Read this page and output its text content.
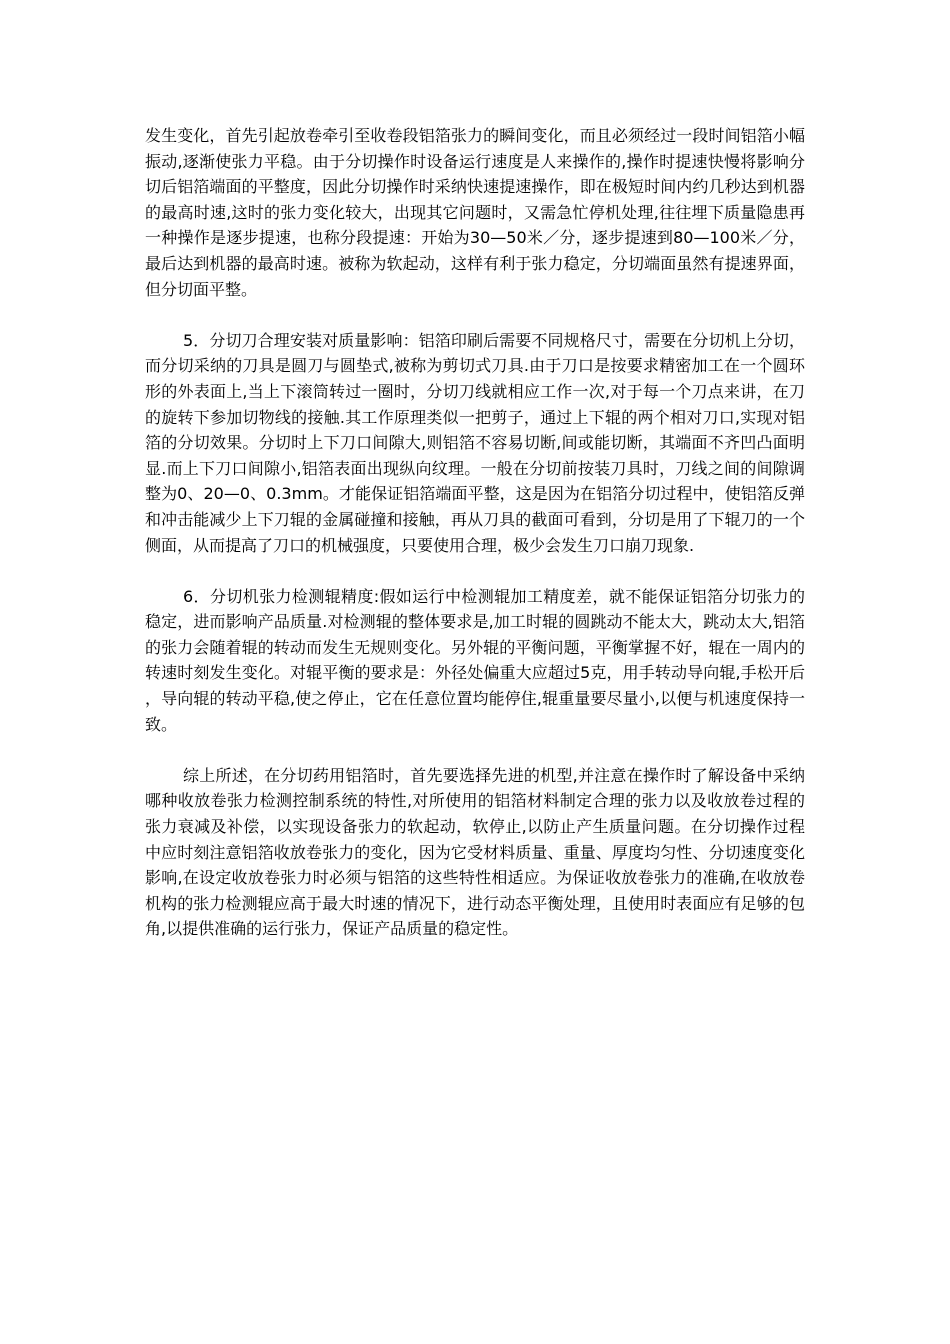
发生变化，首先引起放卷牵引至收卷段铝箔张力的瞬间变化，而且必须经过一段时间铝箔小幅振动,逐渐使张力平稳。由于分切操作时设备运行速度是人来操作的,操作时提速快慢将影响分切后铝箔端面的平整度，因此分切操作时采纳快速提速操作，即在极短时间内约几秒达到机器的最高时速,这时的张力变化较大，出现其它问题时，又需急忙停机处理,往往埋下质量隐患再一种操作是逐步提速，也称分段提速：开始为30—50米／分，逐步提速到80—100米／分，最后达到机器的最高时速。被称为软起动，这样有利于张力稳定，分切端面虽然有提速界面，但分切面平整。

5．分切刀合理安装对质量影响：铝箔印刷后需要不同规格尺寸，需要在分切机上分切，而分切采纳的刀具是圆刀与圆垫式,被称为剪切式刀具.由于刀口是按要求精密加工在一个圆环形的外表面上,当上下滚筒转过一圈时，分切刀线就相应工作一次,对于每一个刀点来讲，在刀的旋转下参加切物线的接触.其工作原理类似一把剪子，通过上下辊的两个相对刀口,实现对铝箔的分切效果。分切时上下刀口间隙大,则铝箔不容易切断,间或能切断，其端面不齐凹凸面明显.而上下刀口间隙小,铝箔表面出现纵向纹理。一般在分切前按装刀具时，刀线之间的间隙调整为0、20—0、0.3mm。才能保证铝箔端面平整，这是因为在铝箔分切过程中，使铝箔反弹和冲击能减少上下刀辊的金属碰撞和接触，再从刀具的截面可看到，分切是用了下辊刀的一个侧面，从而提高了刀口的机械强度，只要使用合理，极少会发生刀口崩刀现象.

6．分切机张力检测辊精度:假如运行中检测辊加工精度差，就不能保证铝箔分切张力的稳定，进而影响产品质量.对检测辊的整体要求是,加工时辊的圆跳动不能太大，跳动太大,铝箔的张力会随着辊的转动而发生无规则变化。另外辊的平衡问题，平衡掌握不好，辊在一周内的转速时刻发生变化。对辊平衡的要求是：外径处偏重大应超过5克，用手转动导向辊,手松开后，导向辊的转动平稳,使之停止，它在任意位置均能停住,辊重量要尽量小,以便与机速度保持一致。

综上所述，在分切药用铝箔时，首先要选择先进的机型,并注意在操作时了解设备中采纳哪种收放卷张力检测控制系统的特性,对所使用的铝箔材料制定合理的张力以及收放卷过程的张力衰减及补偿，以实现设备张力的软起动，软停止,以防止产生质量问题。在分切操作过程中应时刻注意铝箔收放卷张力的变化，因为它受材料质量、重量、厚度均匀性、分切速度变化影响,在设定收放卷张力时必须与铝箔的这些特性相适应。为保证收放卷张力的准确,在收放卷机构的张力检测辊应高于最大时速的情况下，进行动态平衡处理，且使用时表面应有足够的包角,以提供准确的运行张力，保证产品质量的稳定性。
